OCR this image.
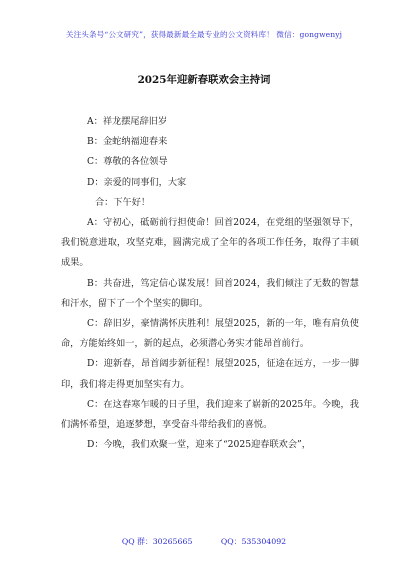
关注头条号“公文研究”，获得最新最全最专业的公文资料库！ 微信：gongwenyj
2025年迎新春联欢会主持词
A：祥龙摆尾辞旧岁
B：金蛇纳福迎春来
C：尊敬的各位领导
D：亲爱的同事们，大家
合：下午好！

A：守初心，砥砺前行担使命！回首2024，在党组的坚强领导下，我们锐意进取，攻坚克难，圆满完成了全年的各项工作任务，取得了丰硕成果。

B：共奋进，笃定信心谋发展！回首2024，我们倾注了无数的智慧和汗水，留下了一个个坚实的脚印。

C：辞旧岁，豪情满怀庆胜利！展望2025，新的一年，唯有肩负使命，方能始终如一，新的起点，必须潜心务实才能昂首前行。

D：迎新春，昂首阔步新征程！展望2025，征途在远方，一步一脚印，我们将走得更加坚实有力。

C：在这春寒乍暖的日子里，我们迎来了崭新的2025年。今晚，我们满怀希望，追逐梦想，享受奋斗带给我们的喜悦。

D：今晚，我们欢聚一堂，迎来了“2025迎春联欢会”，

QQ 群：30265665	QQ：535304092
